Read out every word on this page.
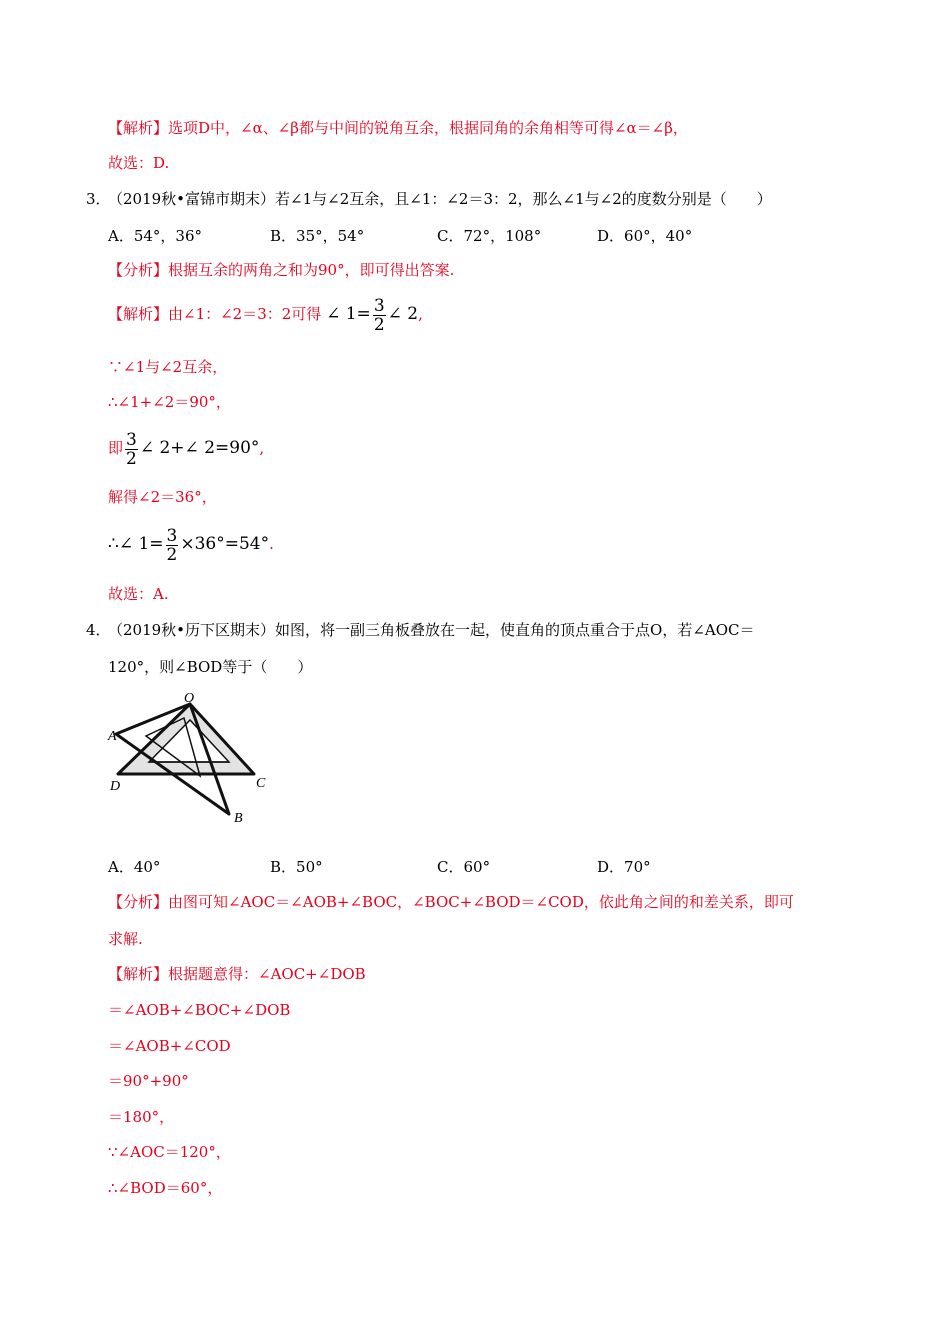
【解析】选项D中，∠α、∠β都与中间的锐角互余，根据同角的余角相等可得∠α＝∠β，
故选：D.
3．
（2019秋•富锦市期末）若∠1与∠2互余，且∠1：∠2＝3：2，那么∠1与∠2的度数分别是（　　）
A．54°，36°	B．35°，54°	C．72°，108°	D．60°，40°
【分析】根据互余的两角之和为90°，即可得出答案.
【解析】由∠1：∠2＝3：2可得 ∠ $1= \frac{3}{2}$ ∠ 2,
∵∠1与∠2互余，
∴∠1+∠2＝90°，
即 $\frac{3}{2}$ ∠ 2+∠ 2=90°,
解得∠2＝36°，
∴∠ $1= \frac{3}{2} \times 36^\circ=54^\circ$.
故选：A.
4．
（2019秋•历下区期末）如图，将一副三角板叠放在一起，使直角的顶点重合于点O，若∠AOC＝
120°，则∠BOD等于（　　）
O
A
D	C
B
A．40°	B．50°	C．60°	D．70°
【分析】由图可知∠AOC＝∠AOB+∠BOC，∠BOC+∠BOD＝∠COD，依此角之间的和差关系，即可
求解.
【解析】根据题意得：∠AOC+∠DOB
＝∠AOB+∠BOC+∠DOB
＝∠AOB+∠COD
＝90°+90°
＝180°，
∵∠AOC＝120°，
∴∠BOD＝60°，
